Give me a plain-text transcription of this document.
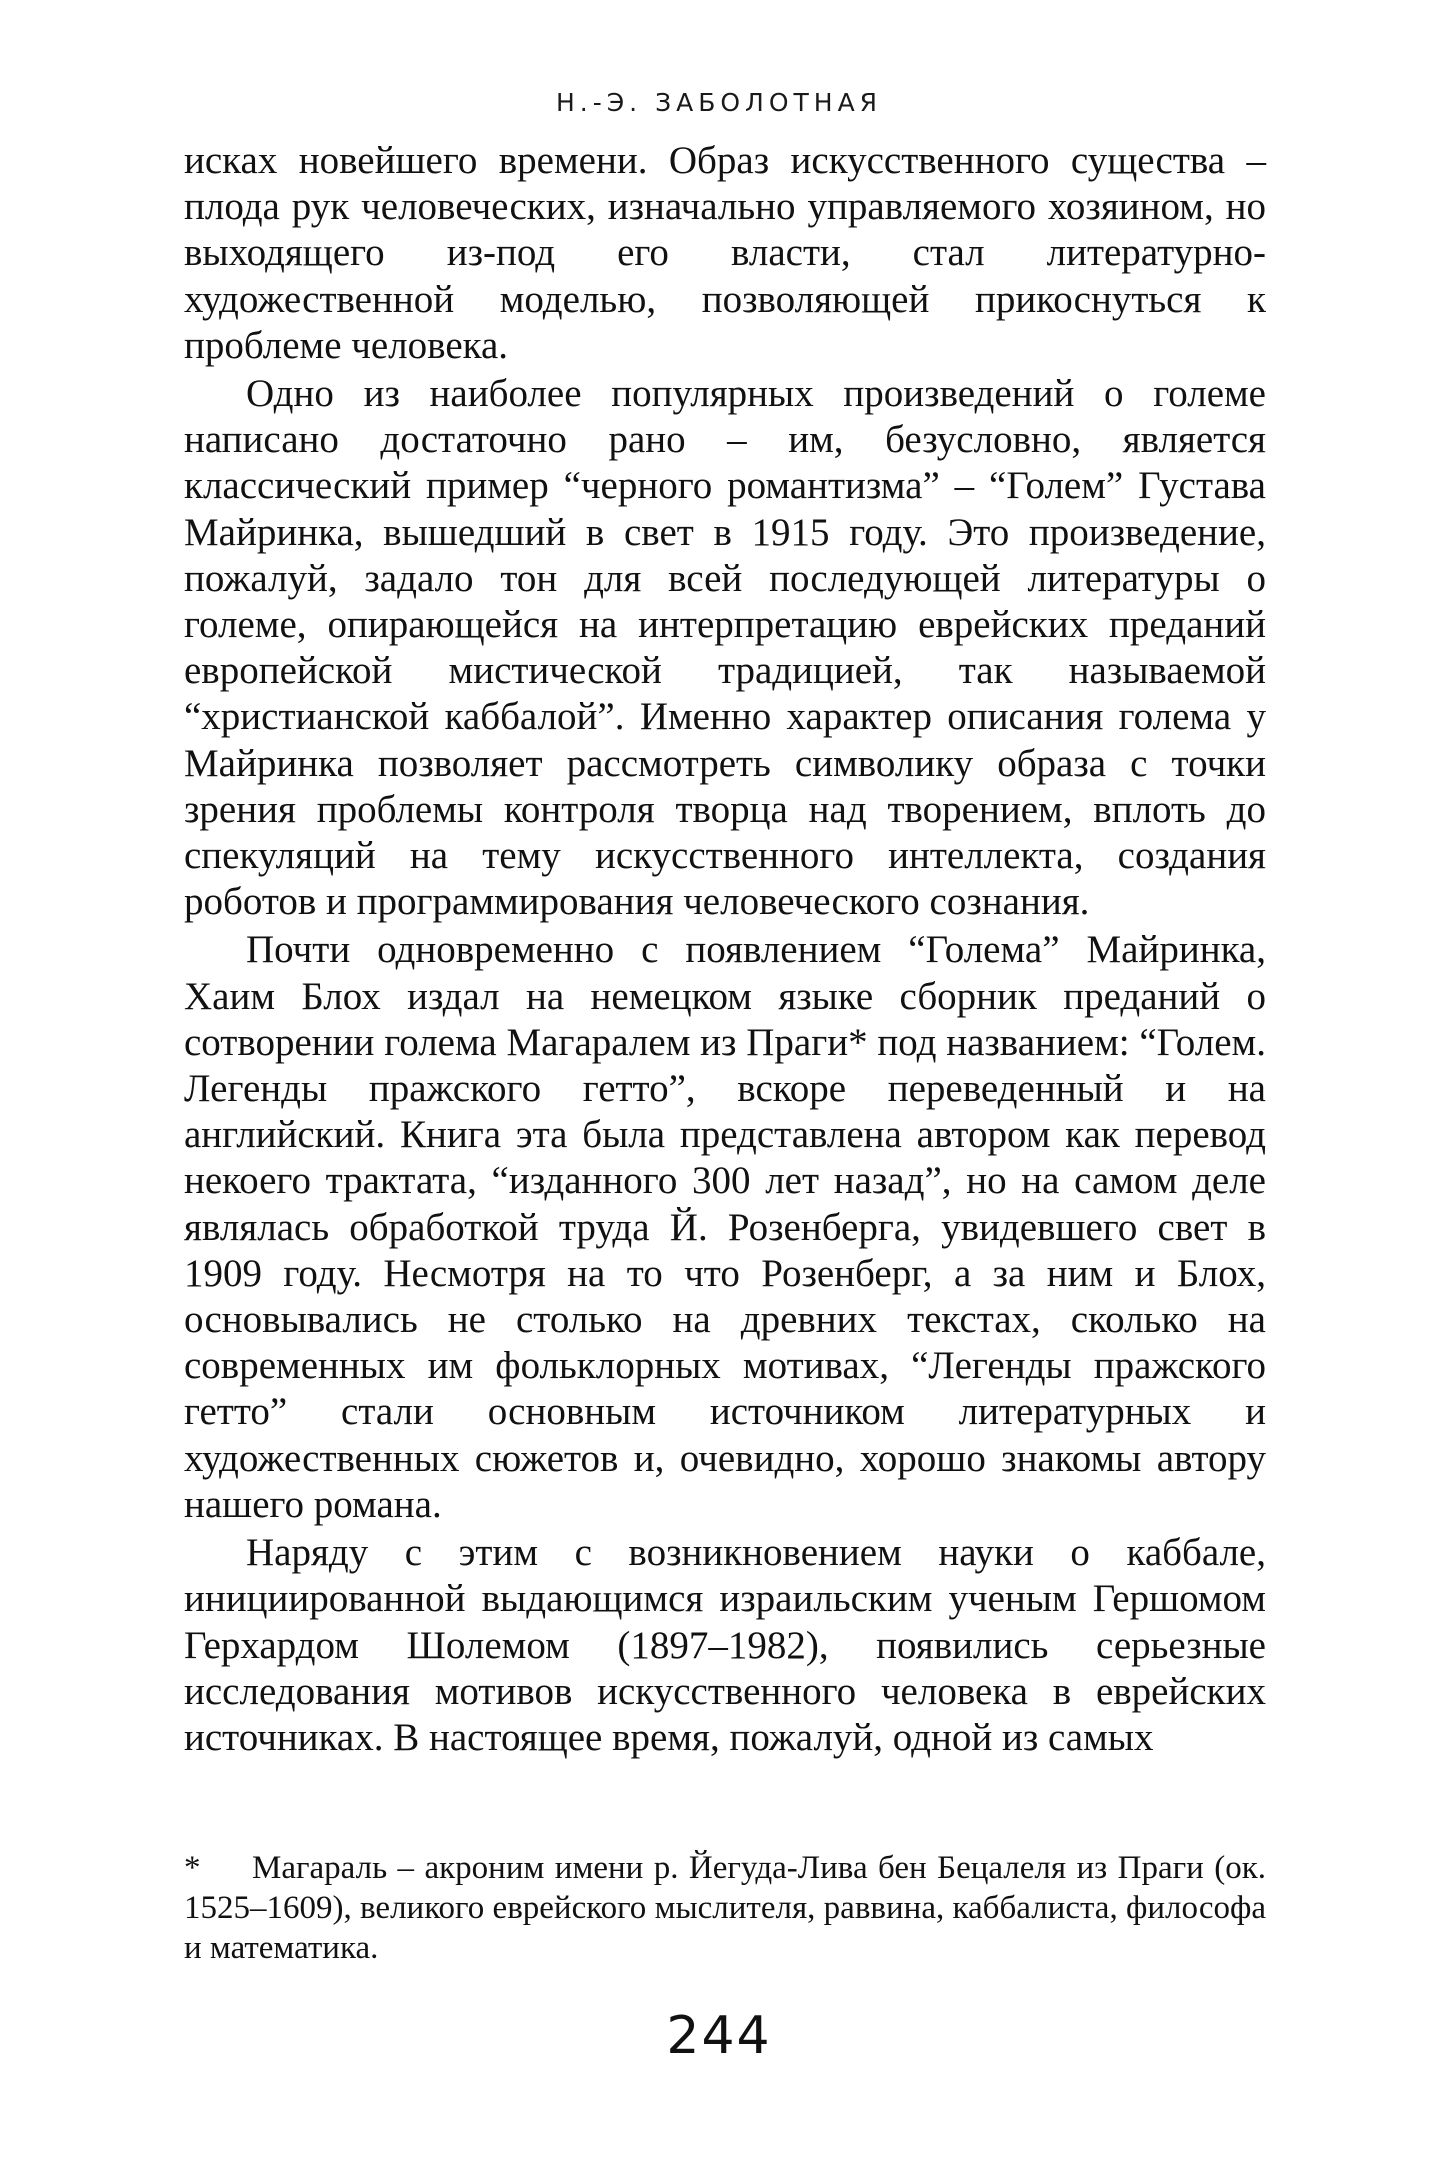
Н.-Э. ЗАБОЛОТНАЯ

исках новейшего времени. Образ искусственного существа – плода рук человеческих, изначально управляемого хозяином, но выходящего из-под его власти, стал литературно-художественной моделью, позволяющей прикоснуться к проблеме человека.

Одно из наиболее популярных произведений о големе написано достаточно рано – им, безусловно, является классический пример “черного романтизма” – “Голем” Густава Майринка, вышедший в свет в 1915 году. Это произведение, пожалуй, задало тон для всей последующей литературы о големе, опирающейся на интерпретацию еврейских преданий европейской мистической традицией, так называемой “христианской каббалой”. Именно характер описания голема у Майринка позволяет рассмотреть символику образа с точки зрения проблемы контроля творца над творением, вплоть до спекуляций на тему искусственного интеллекта, создания роботов и программирования человеческого сознания.

Почти одновременно с появлением “Голема” Майринка, Хаим Блох издал на немецком языке сборник преданий о сотворении голема Магаралем из Праги* под названием: “Голем. Легенды пражского гетто”, вскоре переведенный и на английский. Книга эта была представлена автором как перевод некоего трактата, “изданного 300 лет назад”, но на самом деле являлась обработкой труда Й. Розенберга, увидевшего свет в 1909 году. Несмотря на то что Розенберг, а за ним и Блох, основывались не столько на древних текстах, сколько на современных им фольклорных мотивах, “Легенды пражского гетто” стали основным источником литературных и художественных сюжетов и, очевидно, хорошо знакомы автору нашего романа.

Наряду с этим с возникновением науки о каббале, инициированной выдающимся израильским ученым Гершомом Герхардом Шолемом (1897–1982), появились серьезные исследования мотивов искусственного человека в еврейских источниках. В настоящее время, пожалуй, одной из самых

* Магараль – акроним имени р. Йегуда-Лива бен Бецалеля из Праги (ок. 1525–1609), великого еврейского мыслителя, раввина, каббалиста, философа и математика.
244
